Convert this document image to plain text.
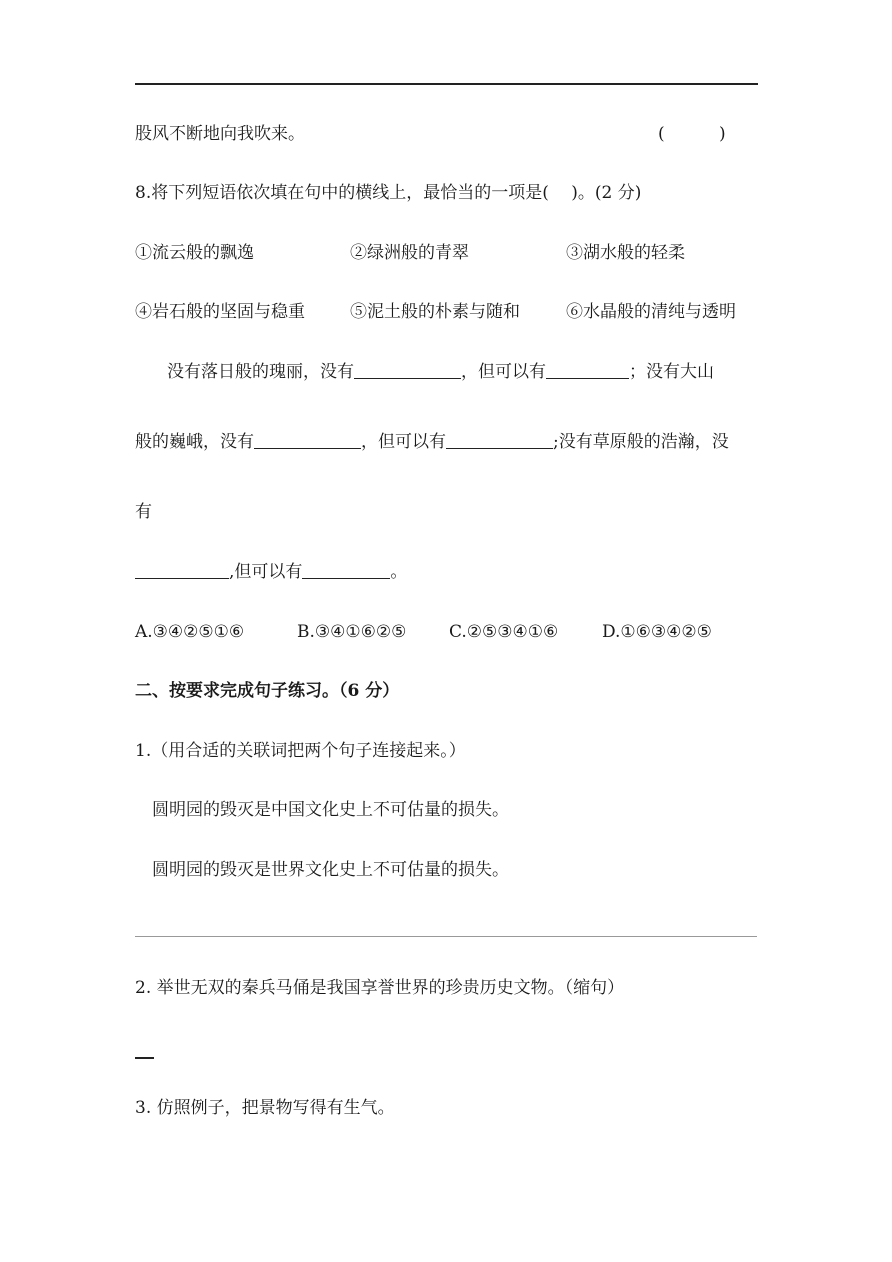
股风不断地向我吹来。	(	)
8.将下列短语依次填在句中的横线上，最恰当的一项是(　 )。(2 分)
①流云般的飘逸	②绿洲般的青翠	③湖水般的轻柔
④岩石般的坚固与稳重	⑤泥土般的朴素与随和	⑥水晶般的清纯与透明
没有落日般的瑰丽，没有	，但可以有	；没有大山
般的巍峨，没有	，但可以有	;没有草原般的浩瀚，没
有
,但可以有	。
A.③④②⑤①⑥	B.③④①⑥②⑤	C.②⑤③④①⑥	D.①⑥③④②⑤
二、按要求完成句子练习。（6 分）
1.（用合适的关联词把两个句子连接起来。）
圆明园的毁灭是中国文化史上不可估量的损失。
圆明园的毁灭是世界文化史上不可估量的损失。
2. 举世无双的秦兵马俑是我国享誉世界的珍贵历史文物。（缩句）
3. 仿照例子，把景物写得有生气。
